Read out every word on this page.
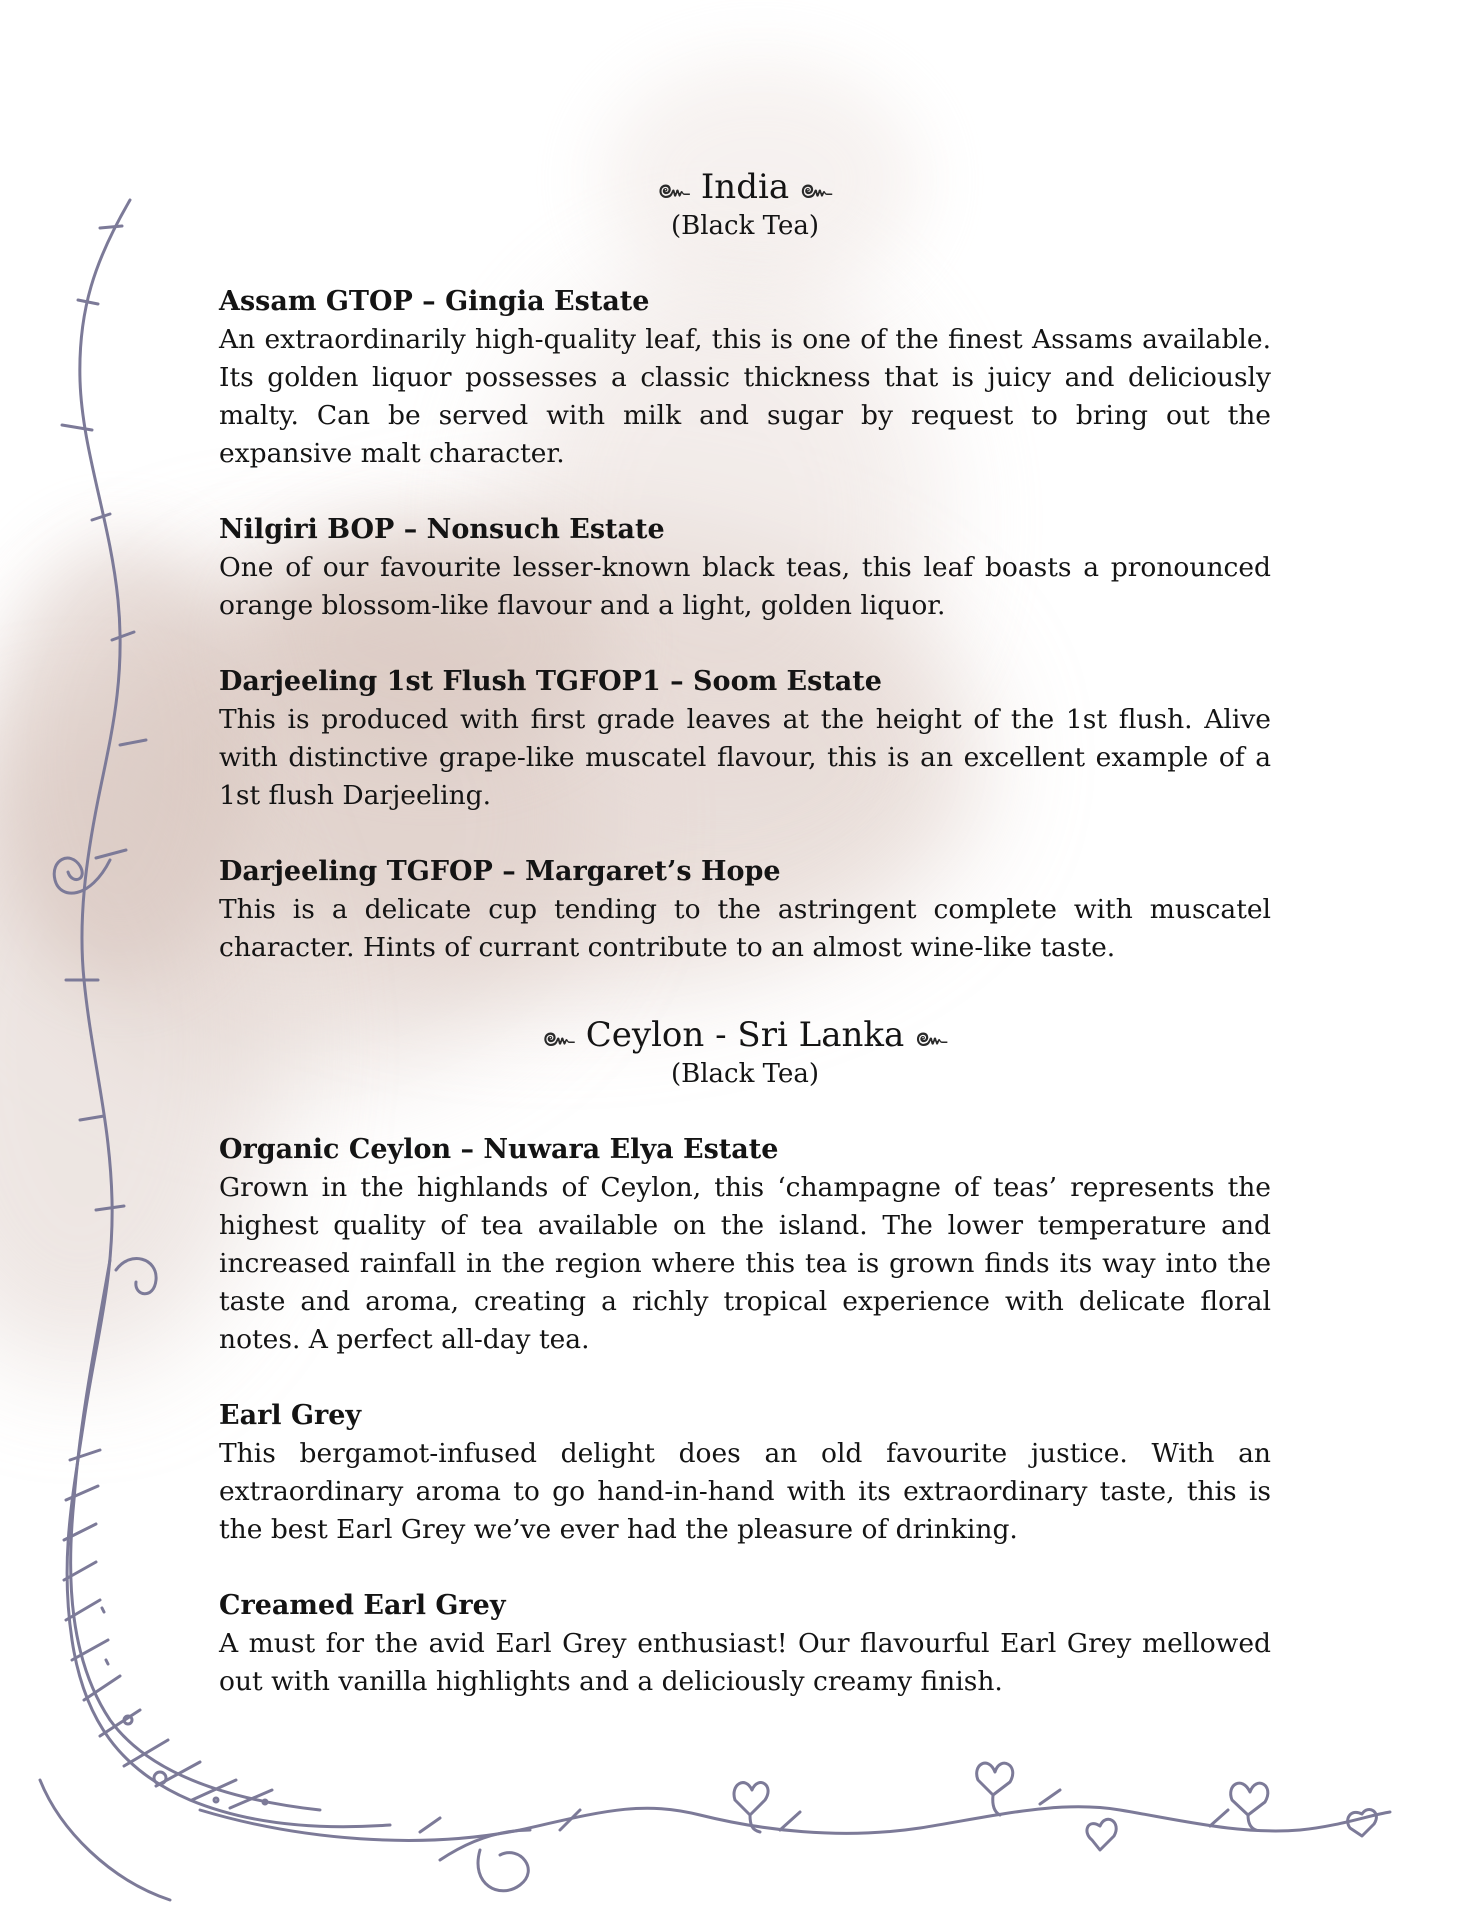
๛︎ India ๛︎
(Black Tea)
Assam GTOP – Gingia Estate
An extraordinarily high-quality leaf, this is one of the finest Assams available. Its golden liquor possesses a classic thickness that is juicy and deliciously malty. Can be served with milk and sugar by request to bring out the expansive malt character.
Nilgiri BOP – Nonsuch Estate
One of our favourite lesser-known black teas, this leaf boasts a pronounced orange blossom-like flavour and a light, golden liquor.
Darjeeling 1st Flush TGFOP1 – Soom Estate
This is produced with first grade leaves at the height of the 1st flush. Alive with distinctive grape-like muscatel flavour, this is an excellent example of a 1st flush Darjeeling.
Darjeeling TGFOP – Margaret’s Hope
This is a delicate cup tending to the astringent complete with muscatel character. Hints of currant contribute to an almost wine-like taste.
๛︎ Ceylon - Sri Lanka ๛︎
(Black Tea)
Organic Ceylon – Nuwara Elya Estate
Grown in the highlands of Ceylon, this ‘champagne of teas’ represents the highest quality of tea available on the island. The lower temperature and increased rainfall in the region where this tea is grown finds its way into the taste and aroma, creating a richly tropical experience with delicate floral notes. A perfect all-day tea.
Earl Grey
This bergamot-infused delight does an old favourite justice. With an extraordinary aroma to go hand-in-hand with its extraordinary taste, this is the best Earl Grey we’ve ever had the pleasure of drinking.
Creamed Earl Grey
A must for the avid Earl Grey enthusiast! Our flavourful Earl Grey mellowed out with vanilla highlights and a deliciously creamy finish.
